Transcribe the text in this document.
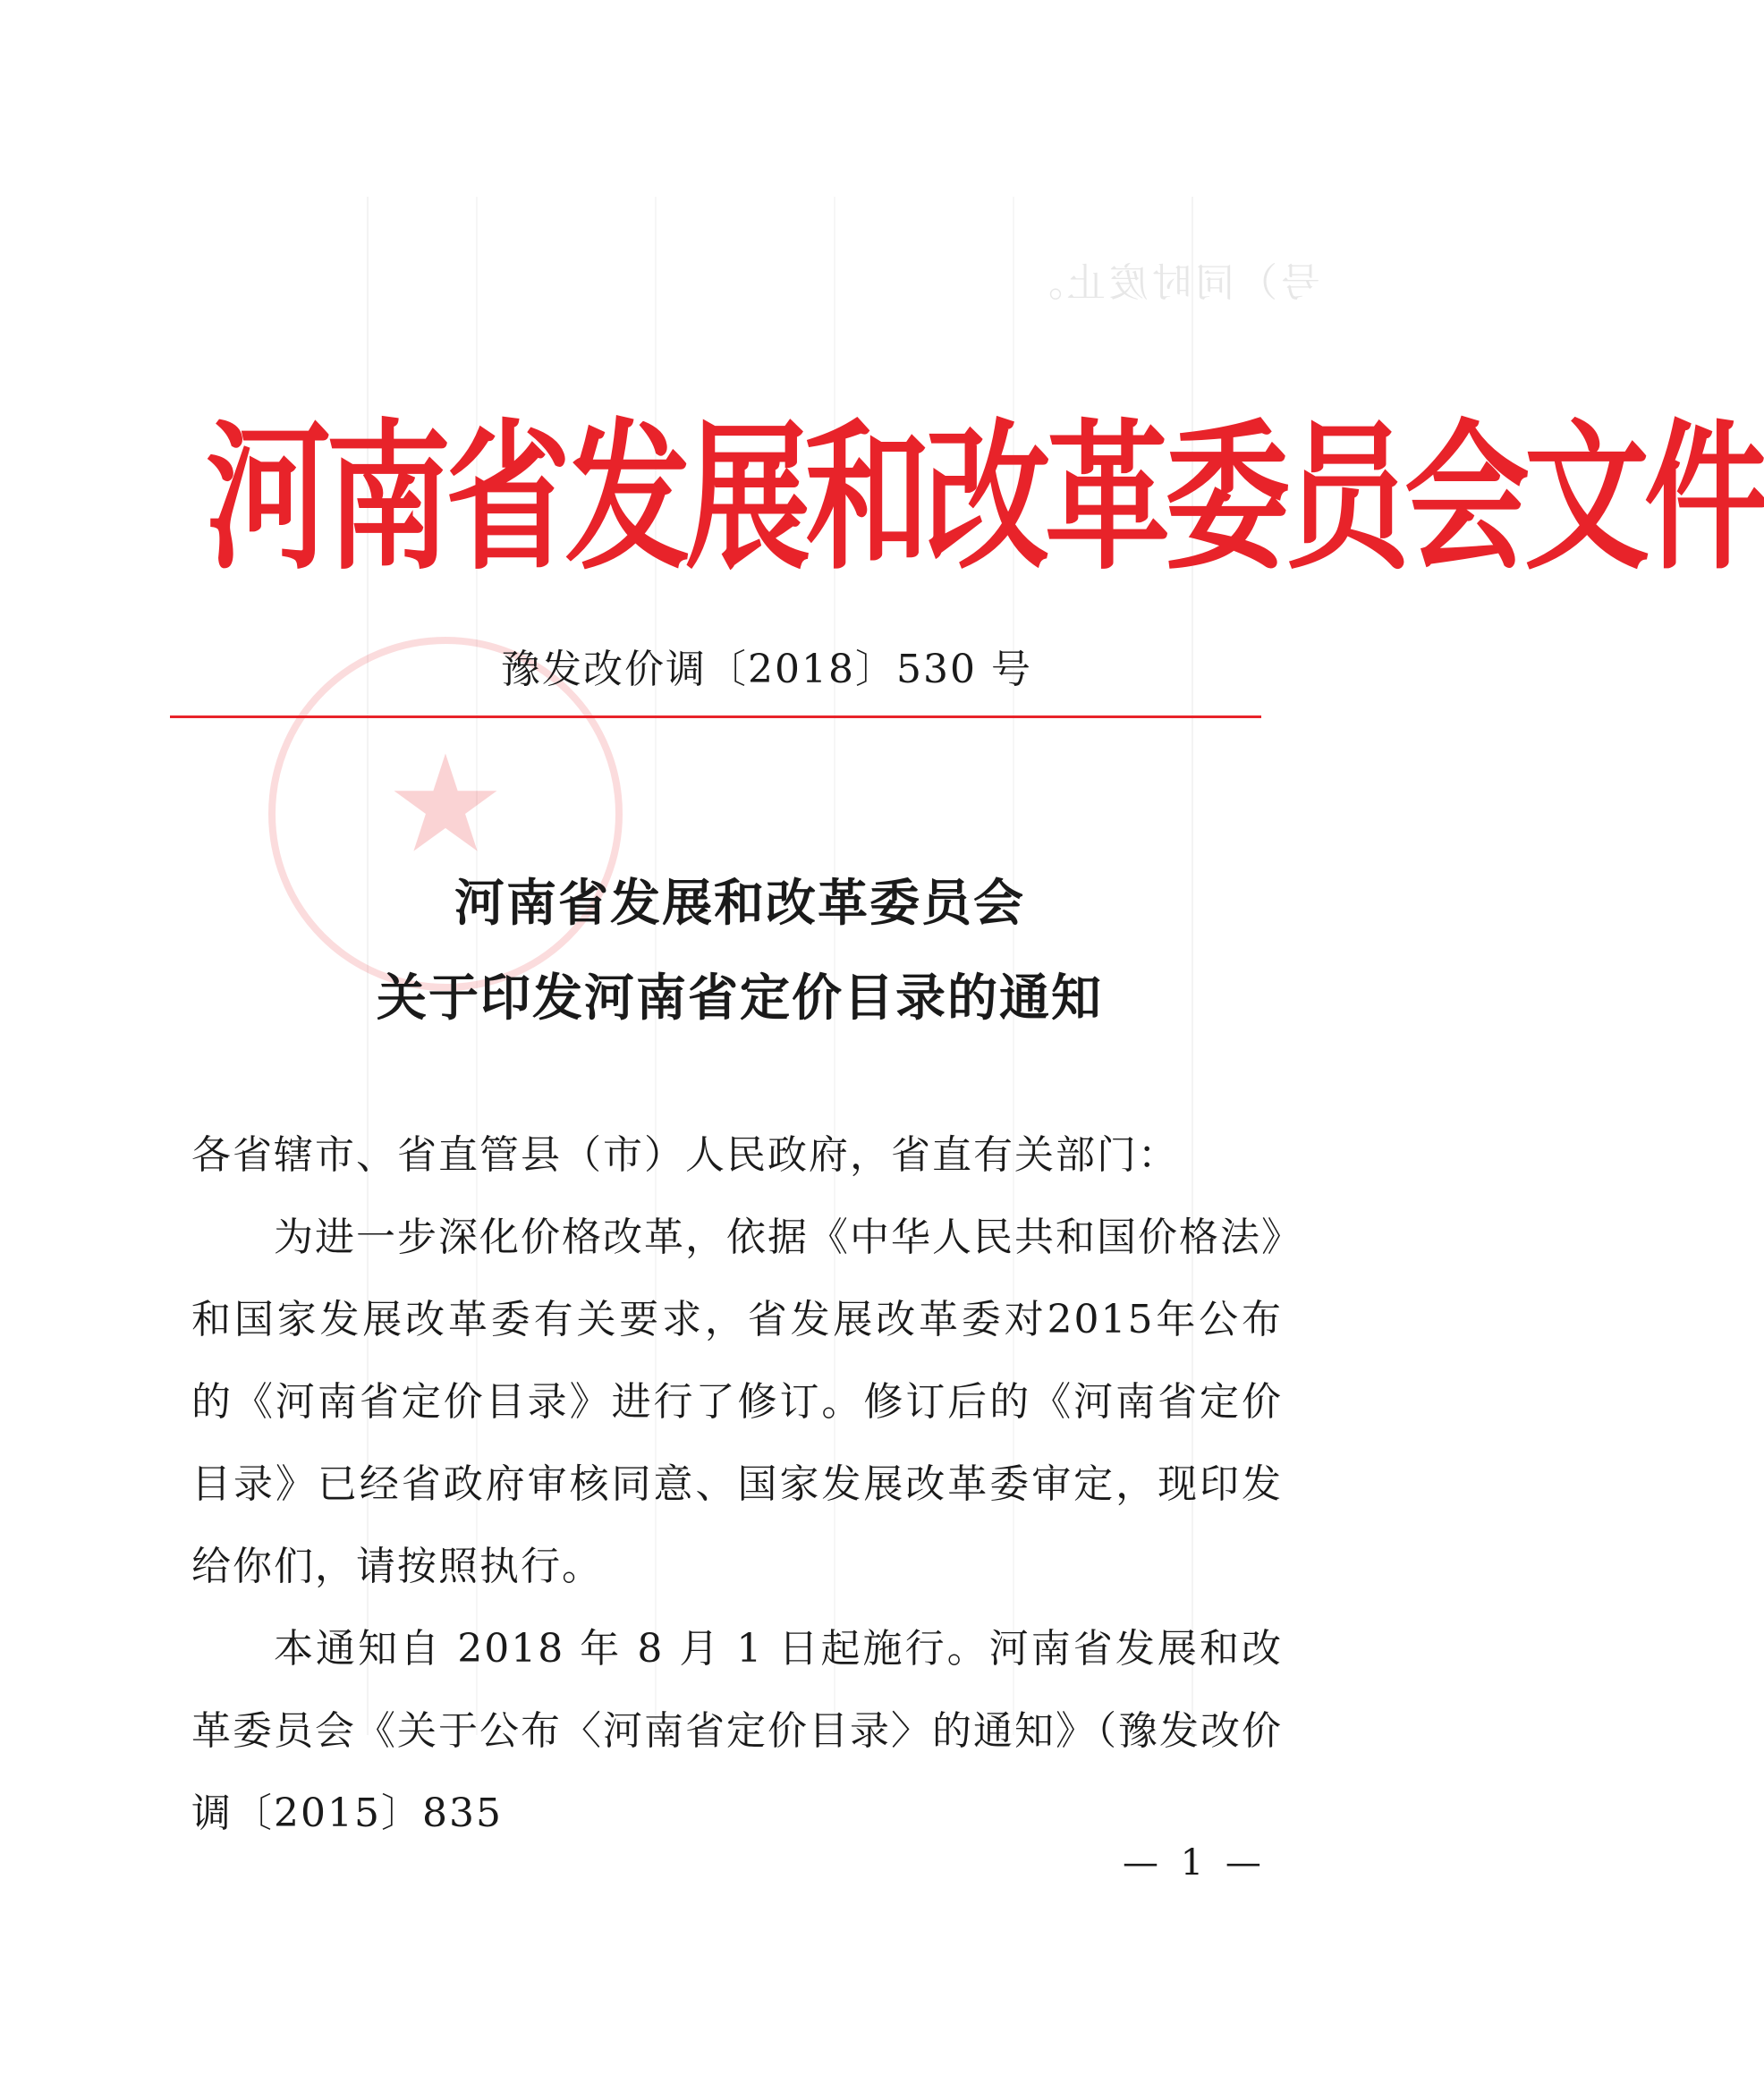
号）同时废止。
河南省发展和改革委员会文件
★
豫发改价调〔2018〕530 号
河南省发展和改革委员会
关于印发河南省定价目录的通知
各省辖市、省直管县（市）人民政府，省直有关部门：
为进一步深化价格改革，依据《中华人民共和国价格法》和国家发展改革委有关要求，省发展改革委对2015年公布的《河南省定价目录》进行了修订。修订后的《河南省定价目录》已经省政府审核同意、国家发展改革委审定，现印发给你们，请按照执行。
本通知自 2018 年 8 月 1 日起施行。河南省发展和改革委员会《关于公布〈河南省定价目录〉的通知》（豫发改价调〔2015〕835
— 1 —
